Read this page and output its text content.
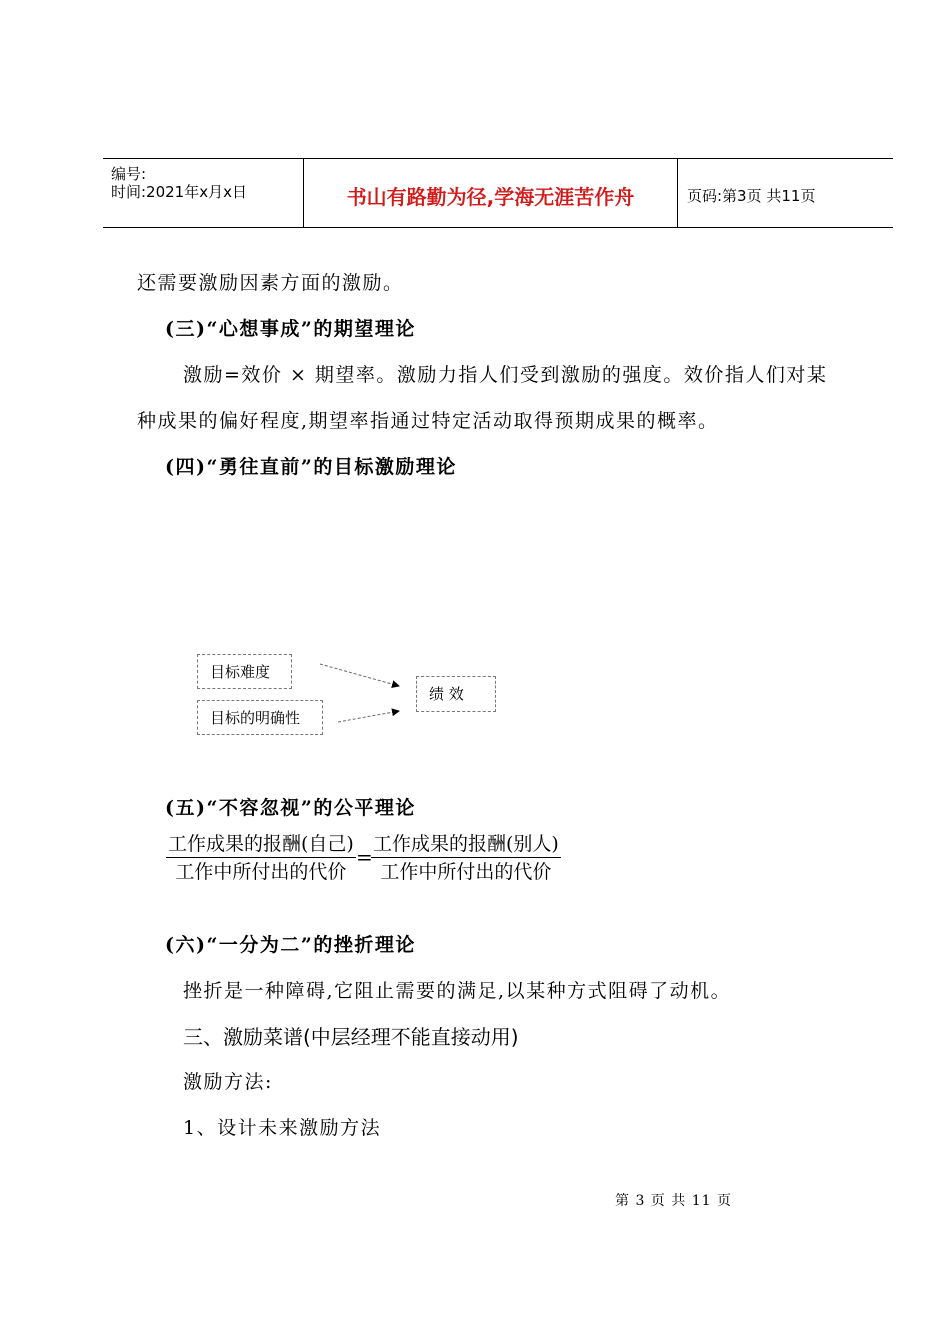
编号:
时间:2021年x月x日	书山有路勤为径,学海无涯苦作舟	页码:第3页 共11页
还需要激励因素方面的激励。
(三)“心想事成”的期望理论
激励=效价 × 期望率。激励力指人们受到激励的强度。效价指人们对某
种成果的偏好程度,期望率指通过特定活动取得预期成果的概率。
(四)“勇往直前”的目标激励理论
目标难度
目标的明确性
绩 效
(五)“不容忽视”的公平理论
工作成果的报酬(自己)
工作中所付出的代价
=
工作成果的报酬(别人)
工作中所付出的代价
(六)“一分为二”的挫折理论
挫折是一种障碍,它阻止需要的满足,以某种方式阻碍了动机。
三、激励菜谱(中层经理不能直接动用)
激励方法:
1、设计未来激励方法
第 3 页 共 11 页
